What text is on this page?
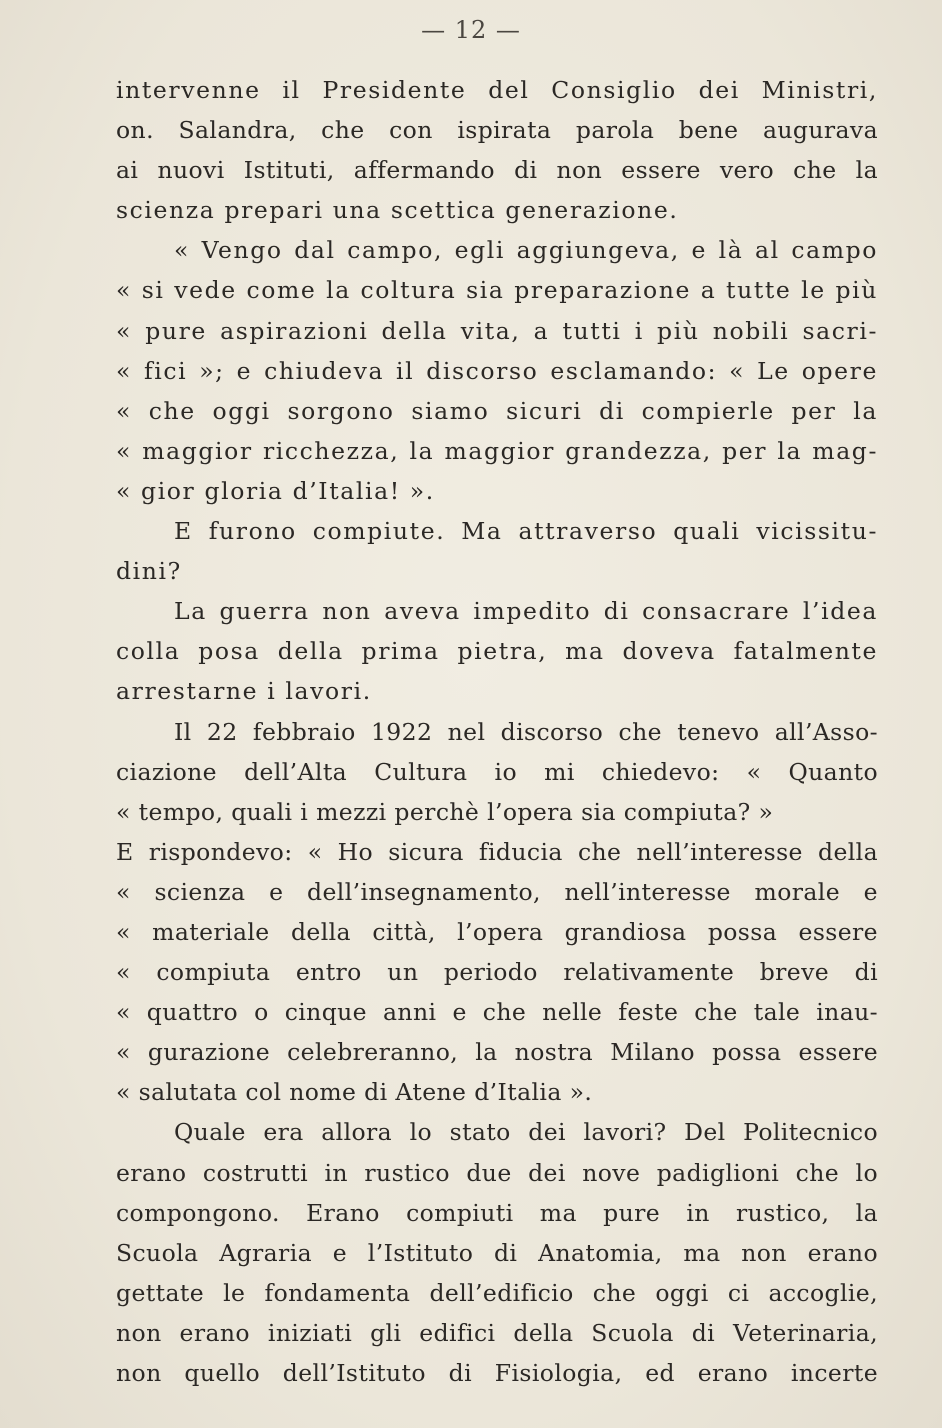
— 12 —
intervenne il Presidente del Consiglio dei Ministri,
on. Salandra, che con ispirata parola bene augurava
ai nuovi Istituti, affermando di non essere vero che la
scienza prepari una scettica generazione.
« Vengo dal campo, egli aggiungeva, e là al campo
« si vede come la coltura sia preparazione a tutte le più
« pure aspirazioni della vita, a tutti i più nobili sacri-
« fici »; e chiudeva il discorso esclamando: « Le opere
« che oggi sorgono siamo sicuri di compierle per la
« maggior ricchezza, la maggior grandezza, per la mag-
« gior gloria d’Italia! ».
E furono compiute. Ma attraverso quali vicissitu-
dini?
La guerra non aveva impedito di consacrare l’idea
colla posa della prima pietra, ma doveva fatalmente
arrestarne i lavori.
Il 22 febbraio 1922 nel discorso che tenevo all’Asso-
ciazione dell’Alta Cultura io mi chiedevo: « Quanto
« tempo, quali i mezzi perchè l’opera sia compiuta? »
E rispondevo: « Ho sicura fiducia che nell’interesse della
« scienza e dell’insegnamento, nell’interesse morale e
« materiale della città, l’opera grandiosa possa essere
« compiuta entro un periodo relativamente breve di
« quattro o cinque anni e che nelle feste che tale inau-
« gurazione celebreranno, la nostra Milano possa essere
« salutata col nome di Atene d’Italia ».
Quale era allora lo stato dei lavori? Del Politecnico
erano costrutti in rustico due dei nove padiglioni che lo
compongono. Erano compiuti ma pure in rustico, la
Scuola Agraria e l’Istituto di Anatomia, ma non erano
gettate le fondamenta dell’edificio che oggi ci accoglie,
non erano iniziati gli edifici della Scuola di Veterinaria,
non quello dell’Istituto di Fisiologia, ed erano incerte
